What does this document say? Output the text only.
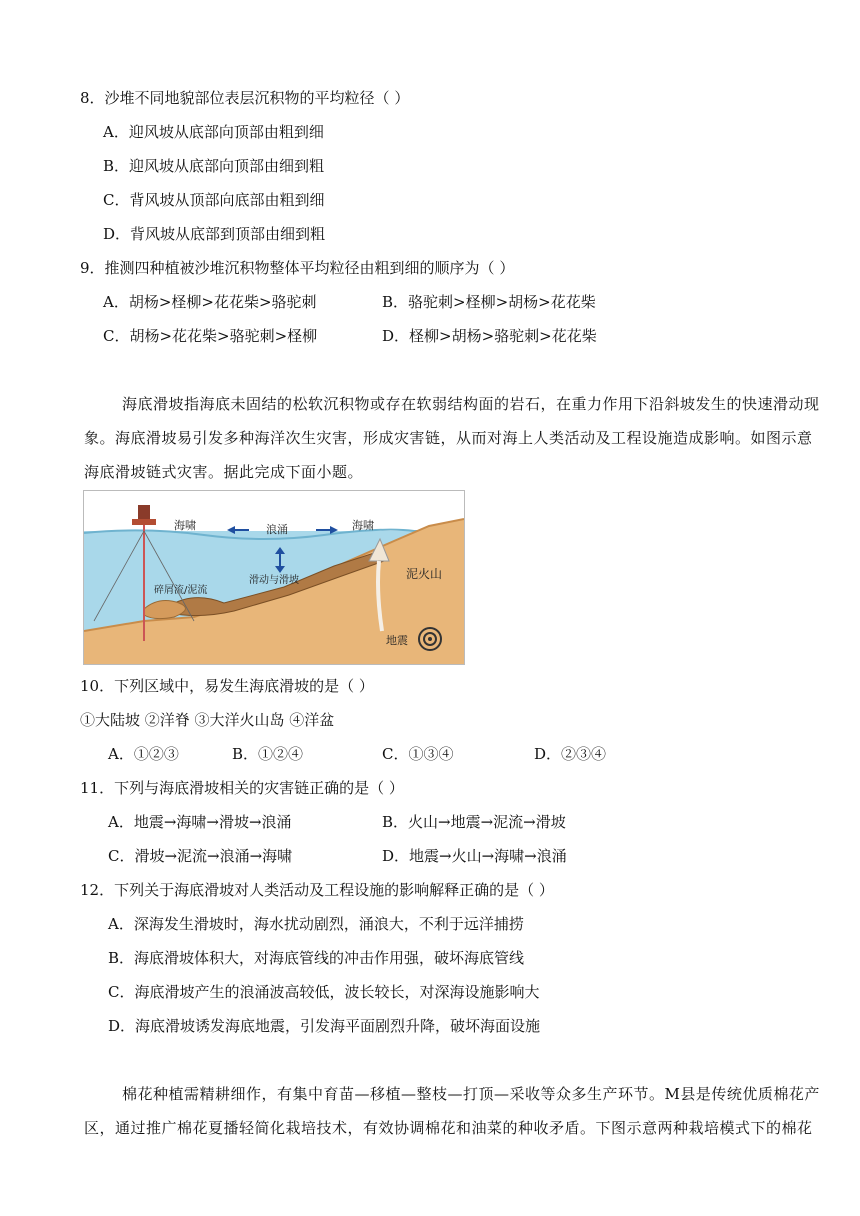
8．沙堆不同地貌部位表层沉积物的平均粒径（ ）
A．迎风坡从底部向顶部由粗到细
B．迎风坡从底部向顶部由细到粗
C．背风坡从顶部向底部由粗到细
D．背风坡从底部到顶部由细到粗
9．推测四种植被沙堆沉积物整体平均粒径由粗到细的顺序为（ ）
A．胡杨>柽柳>花花柴>骆驼刺	B．骆驼刺>柽柳>胡杨>花花柴
C．胡杨>花花柴>骆驼刺>柽柳	D．柽柳>胡杨>骆驼刺>花花柴
海底滑坡指海底未固结的松软沉积物或存在软弱结构面的岩石，在重力作用下沿斜坡发生的快速滑动现
象。海底滑坡易引发多种海洋次生灾害，形成灾害链，从而对海上人类活动及工程设施造成影响。如图示意
海底滑坡链式灾害。据此完成下面小题。
海啸	浪涌	海啸
滑动与滑坡
碎屑流/泥流
泥火山
地震
10．下列区域中，易发生海底滑坡的是（ ）
①大陆坡 ②洋脊 ③大洋火山岛 ④洋盆
A．①②③	B．①②④	C．①③④	D．②③④
11．下列与海底滑坡相关的灾害链正确的是（ ）
A．地震→海啸→滑坡→浪涌	B．火山→地震→泥流→滑坡
C．滑坡→泥流→浪涌→海啸	D．地震→火山→海啸→浪涌
12．下列关于海底滑坡对人类活动及工程设施的影响解释正确的是（ ）
A．深海发生滑坡时，海水扰动剧烈，涌浪大，不利于远洋捕捞
B．海底滑坡体积大，对海底管线的冲击作用强，破坏海底管线
C．海底滑坡产生的浪涌波高较低，波长较长，对深海设施影响大
D．海底滑坡诱发海底地震，引发海平面剧烈升降，破坏海面设施
棉花种植需精耕细作，有集中育苗—移植—整枝—打顶—采收等众多生产环节。M县是传统优质棉花产
区，通过推广棉花夏播轻简化栽培技术，有效协调棉花和油菜的种收矛盾。下图示意两种栽培模式下的棉花
